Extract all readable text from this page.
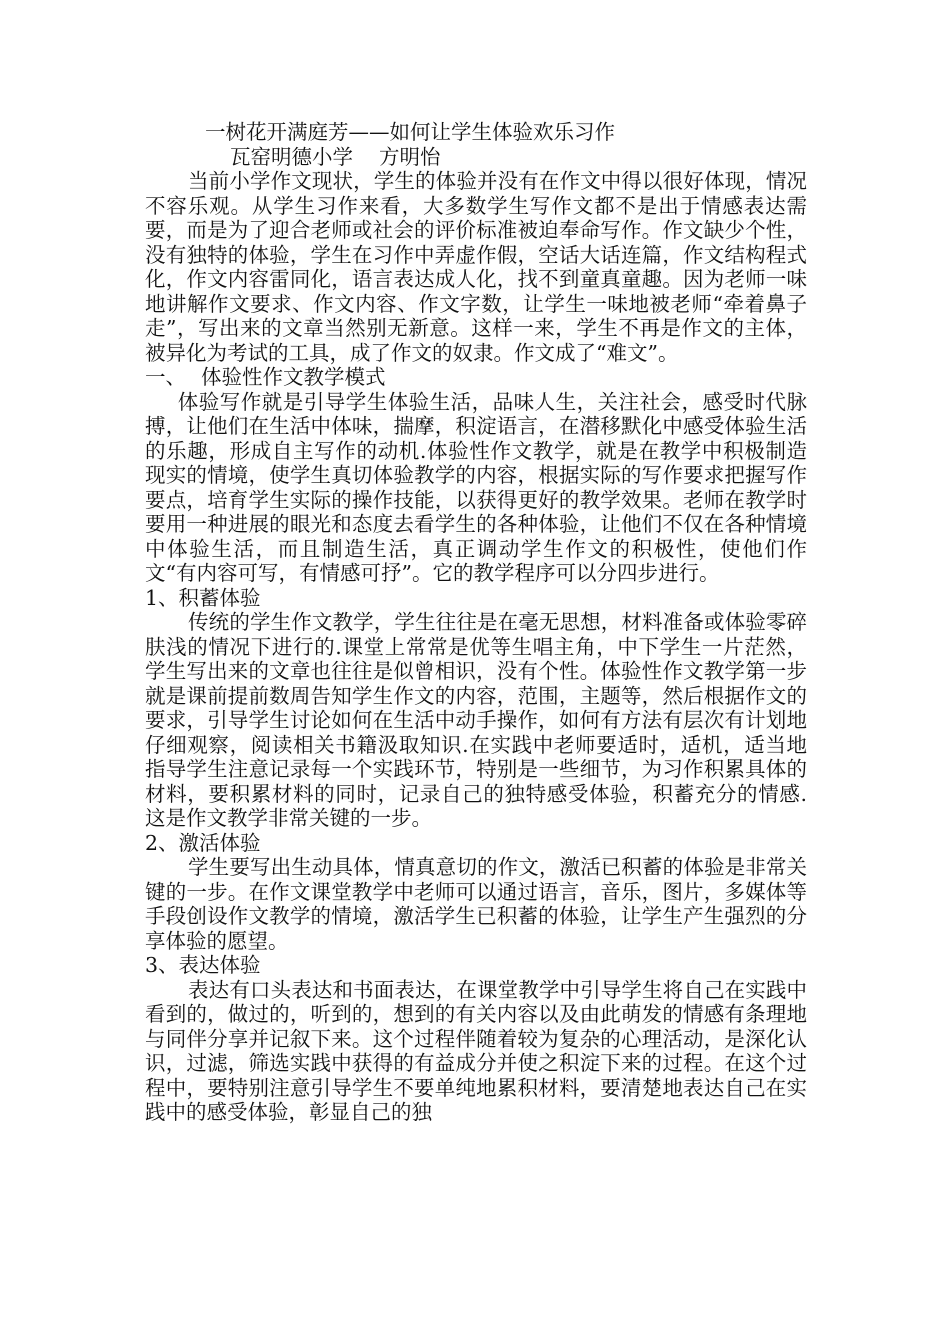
一树花开满庭芳——如何让学生体验欢乐习作
瓦窑明德小学 方明怡

当前小学作文现状，学生的体验并没有在作文中得以很好体现，情况不容乐观。从学生习作来看，大多数学生写作文都不是出于情感表达需要，而是为了迎合老师或社会的评价标准被迫奉命写作。作文缺少个性，没有独特的体验，学生在习作中弄虚作假，空话大话连篇，作文结构程式化，作文内容雷同化，语言表达成人化，找不到童真童趣。因为老师一味地讲解作文要求、作文内容、作文字数，让学生一味地被老师“牵着鼻子走”，写出来的文章当然别无新意。这样一来，学生不再是作文的主体，被异化为考试的工具，成了作文的奴隶。作文成了“难文”。

一、 体验性作文教学模式

体验写作就是引导学生体验生活，品味人生，关注社会，感受时代脉搏，让他们在生活中体味，揣摩，积淀语言，在潜移默化中感受体验生活的乐趣，形成自主写作的动机.体验性作文教学，就是在教学中积极制造现实的情境，使学生真切体验教学的内容，根据实际的写作要求把握写作要点，培育学生实际的操作技能，以获得更好的教学效果。老师在教学时要用一种进展的眼光和态度去看学生的各种体验，让他们不仅在各种情境中体验生活，而且制造生活，真正调动学生作文的积极性，使他们作文“有内容可写，有情感可抒”。它的教学程序可以分四步进行。

1、积蓄体验

传统的学生作文教学，学生往往是在毫无思想，材料准备或体验零碎肤浅的情况下进行的.课堂上常常是优等生唱主角，中下学生一片茫然，学生写出来的文章也往往是似曾相识，没有个性。体验性作文教学第一步就是课前提前数周告知学生作文的内容，范围，主题等，然后根据作文的要求，引导学生讨论如何在生活中动手操作，如何有方法有层次有计划地仔细观察，阅读相关书籍汲取知识.在实践中老师要适时，适机，适当地指导学生注意记录每一个实践环节，特别是一些细节，为习作积累具体的材料，要积累材料的同时，记录自己的独特感受体验，积蓄充分的情感.这是作文教学非常关键的一步。

2、激活体验

学生要写出生动具体，情真意切的作文，激活已积蓄的体验是非常关键的一步。在作文课堂教学中老师可以通过语言，音乐，图片，多媒体等手段创设作文教学的情境，激活学生已积蓄的体验，让学生产生强烈的分享体验的愿望。

3、表达体验

表达有口头表达和书面表达，在课堂教学中引导学生将自己在实践中看到的，做过的，听到的，想到的有关内容以及由此萌发的情感有条理地与同伴分享并记叙下来。这个过程伴随着较为复杂的心理活动，是深化认识，过滤，筛选实践中获得的有益成分并使之积淀下来的过程。在这个过程中，要特别注意引导学生不要单纯地累积材料，要清楚地表达自己在实践中的感受体验，彰显自己的独
